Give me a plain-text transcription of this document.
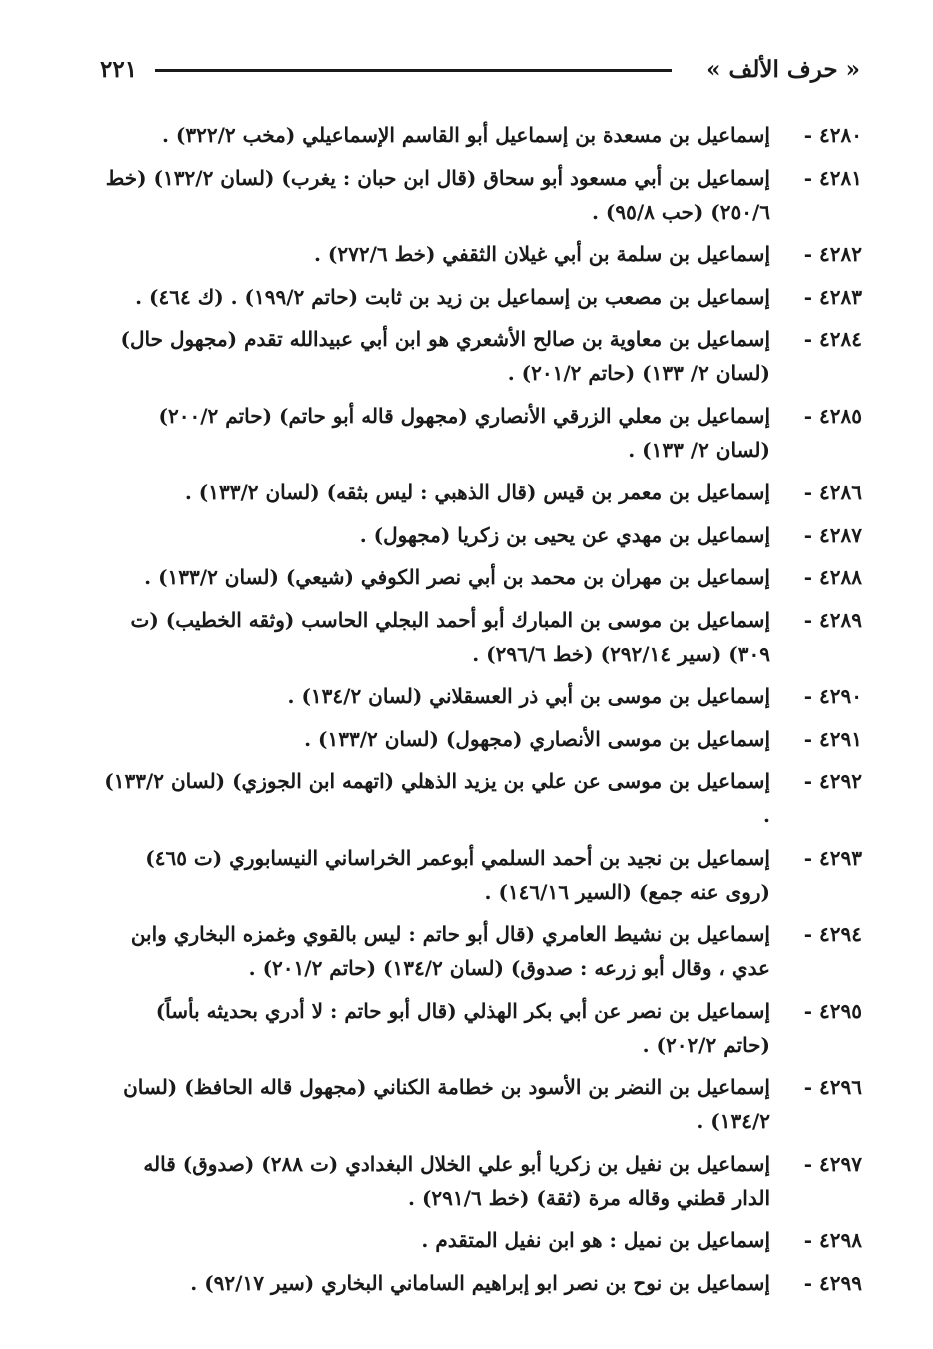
« حرف الألف »
٢٢١
٤٢٨٠ -
إسماعيل بن مسعدة بن إسماعيل أبو القاسم الإسماعيلي (مخب ٣٢٢/٢) .
٤٢٨١ -
إسماعيل بن أبي مسعود أبو سحاق (قال ابن حبان : يغرب) (لسان ١٣٢/٢) (خط ٢٥٠/٦) (حب ٩٥/٨) .
٤٢٨٢ -
إسماعيل بن سلمة بن أبي غيلان الثقفي (خط ٢٧٢/٦) .
٤٢٨٣ -
إسماعيل بن مصعب بن إسماعيل بن زيد بن ثابت (حاتم ١٩٩/٢) . (ك ٤٦٤) .
٤٢٨٤ -
إسماعيل بن معاوية بن صالح الأشعري هو ابن أبي عبيدالله تقدم (مجهول حال) (لسان ٢/ ١٣٣) (حاتم ٢٠١/٢) .
٤٢٨٥ -
إسماعيل بن معلي الزرقي الأنصاري (مجهول قاله أبو حاتم) (حاتم ٢٠٠/٢) (لسان ٢/ ١٣٣) .
٤٢٨٦ -
إسماعيل بن معمر بن قيس (قال الذهبي : ليس بثقه) (لسان ١٣٣/٢) .
٤٢٨٧ -
إسماعيل بن مهدي عن يحيى بن زكريا (مجهول) .
٤٢٨٨ -
إسماعيل بن مهران بن محمد بن أبي نصر الكوفي (شيعي) (لسان ١٣٣/٢) .
٤٢٨٩ -
إسماعيل بن موسى بن المبارك أبو أحمد البجلي الحاسب (وثقه الخطيب) (ت ٣٠٩) (سير ٢٩٢/١٤) (خط ٢٩٦/٦) .
٤٢٩٠ -
إسماعيل بن موسى بن أبي ذر العسقلاني (لسان ١٣٤/٢) .
٤٢٩١ -
إسماعيل بن موسى الأنصاري (مجهول) (لسان ١٣٣/٢) .
٤٢٩٢ -
إسماعيل بن موسى عن علي بن يزيد الذهلي (اتهمه ابن الجوزي) (لسان ١٣٣/٢) .
٤٢٩٣ -
إسماعيل بن نجيد بن أحمد السلمي أبوعمر الخراساني النيسابوري (ت ٤٦٥) (روى عنه جمع) (السير ١٤٦/١٦) .
٤٢٩٤ -
إسماعيل بن نشيط العامري (قال أبو حاتم : ليس بالقوي وغمزه البخاري وابن عدي ، وقال أبو زرعه : صدوق) (لسان ١٣٤/٢) (حاتم ٢٠١/٢) .
٤٢٩٥ -
إسماعيل بن نصر عن أبي بكر الهذلي (قال أبو حاتم : لا أدري بحديثه بأساً) (حاتم ٢٠٢/٢) .
٤٢٩٦ -
إسماعيل بن النضر بن الأسود بن خطامة الكناني (مجهول قاله الحافظ) (لسان ١٣٤/٢) .
٤٢٩٧ -
إسماعيل بن نفيل بن زكريا أبو علي الخلال البغدادي (ت ٢٨٨) (صدوق) قاله الدار قطني وقاله مرة (ثقة) (خط ٢٩١/٦) .
٤٢٩٨ -
إسماعيل بن نميل : هو ابن نفيل المتقدم .
٤٢٩٩ -
إسماعيل بن نوح بن نصر ابو إبراهيم الساماني البخاري (سير ٩٢/١٧) .
